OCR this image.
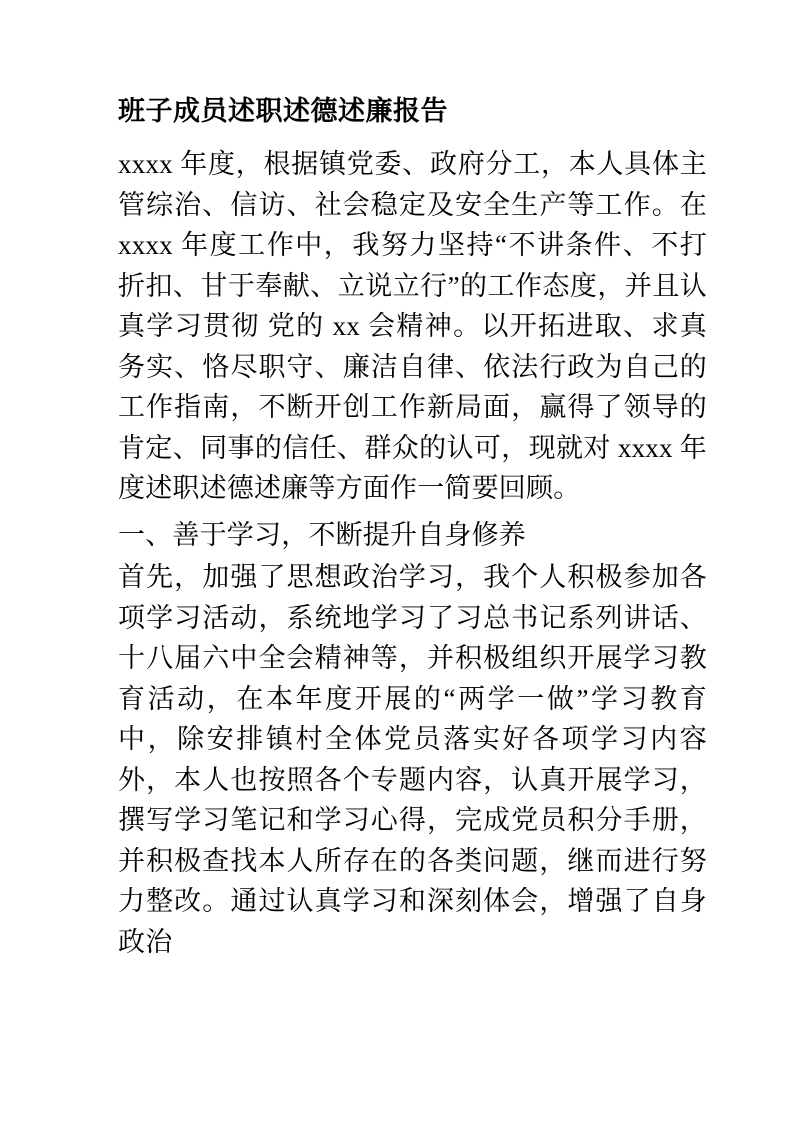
班子成员述职述德述廉报告

xxxx 年度，根据镇党委、政府分工，本人具体主管综治、信访、社会稳定及安全生产等工作。在 xxxx 年度工作中，我努力坚持“不讲条件、不打折扣、甘于奉献、立说立行”的工作态度，并且认真学习贯彻 党的 xx 会精神。以开拓进取、求真务实、恪尽职守、廉洁自律、依法行政为自己的工作指南，不断开创工作新局面，赢得了领导的肯定、同事的信任、群众的认可，现就对 xxxx 年度述职述德述廉等方面作一简要回顾。

一、善于学习，不断提升自身修养

首先，加强了思想政治学习，我个人积极参加各项学习活动，系统地学习了习总书记系列讲话、十八届六中全会精神等，并积极组织开展学习教育活动，在本年度开展的“两学一做”学习教育中，除安排镇村全体党员落实好各项学习内容外，本人也按照各个专题内容，认真开展学习，撰写学习笔记和学习心得，完成党员积分手册，并积极查找本人所存在的各类问题，继而进行努力整改。通过认真学习和深刻体会，增强了自身政治
